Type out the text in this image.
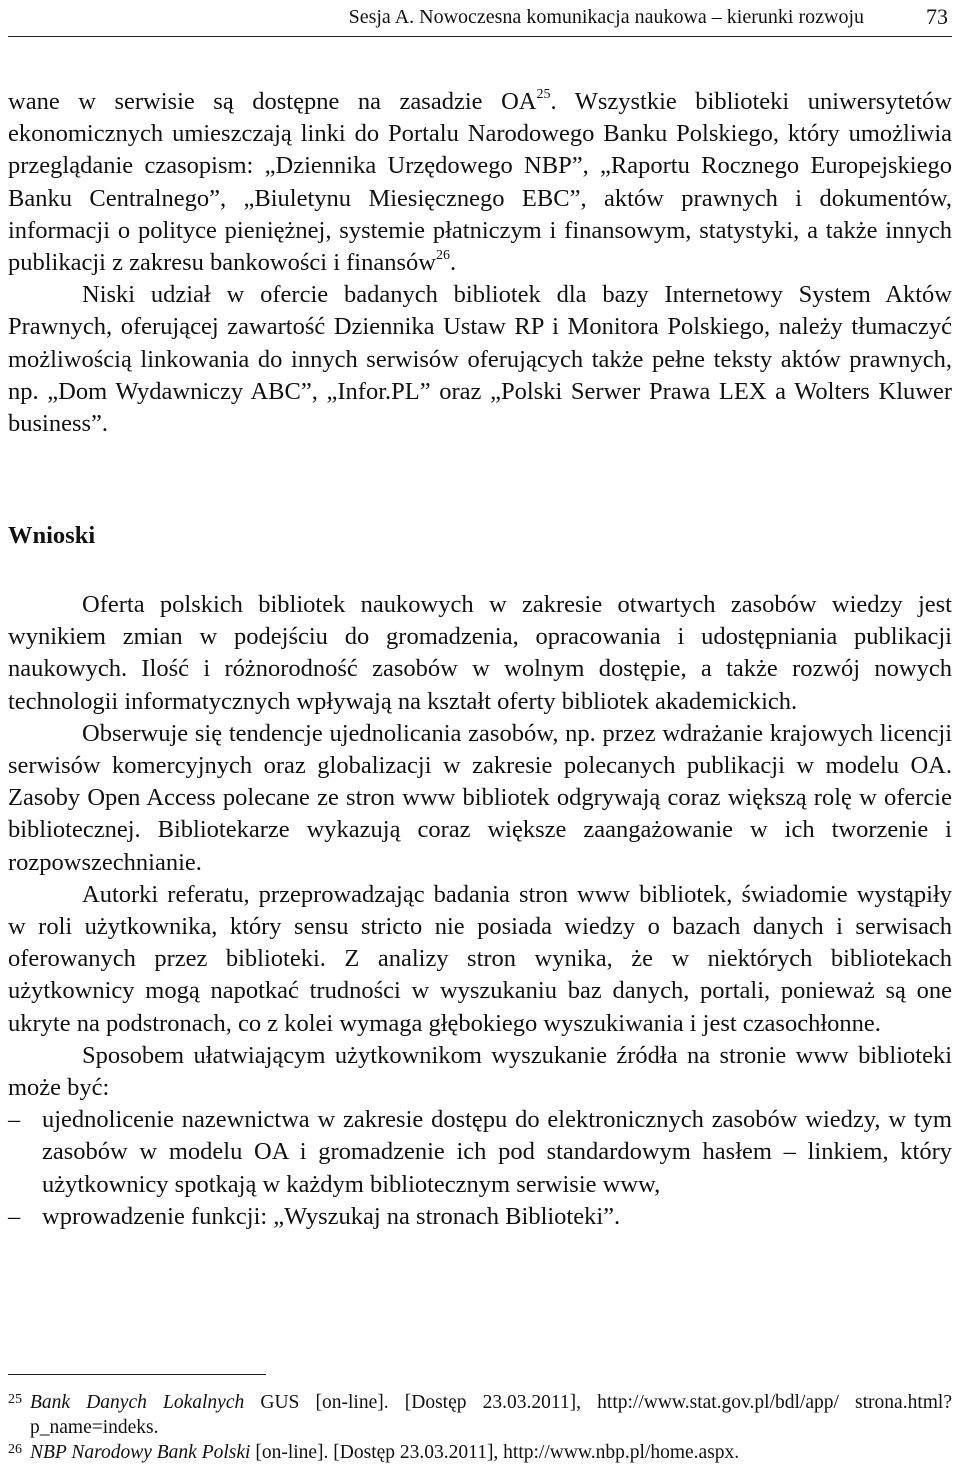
Sesja A. Nowoczesna komunikacja naukowa – kierunki rozwoju	73

wane w serwisie są dostępne na zasadzie OA$^{25}$. Wszystkie biblioteki uniwersytetów ekonomicznych umieszczają linki do Portalu Narodowego Banku Polskiego, który umożliwia przeglądanie czasopism: „Dziennika Urzędowego NBP”, „Raportu Rocznego Europejskiego Banku Centralnego”, „Biuletynu Miesięcznego EBC”, aktów prawnych i dokumentów, informacji o polityce pieniężnej, systemie płatniczym i finansowym, statystyki, a także innych publikacji z zakresu bankowości i finansów$^{26}$.

Niski udział w ofercie badanych bibliotek dla bazy Internetowy System Aktów Prawnych, oferującej zawartość Dziennika Ustaw RP i Monitora Polskiego, należy tłumaczyć możliwością linkowania do innych serwisów oferujących także pełne teksty aktów prawnych, np. „Dom Wydawniczy ABC”, „Infor.PL” oraz „Polski Serwer Prawa LEX a Wolters Kluwer business”.

Wnioski

Oferta polskich bibliotek naukowych w zakresie otwartych zasobów wiedzy jest wynikiem zmian w podejściu do gromadzenia, opracowania i udostępniania publikacji naukowych. Ilość i różnorodność zasobów w wolnym dostępie, a także rozwój nowych technologii informatycznych wpływają na kształt oferty bibliotek akademickich.

Obserwuje się tendencje ujednolicania zasobów, np. przez wdrażanie krajowych licencji serwisów komercyjnych oraz globalizacji w zakresie polecanych publikacji w modelu OA. Zasoby Open Access polecane ze stron www bibliotek odgrywają coraz większą rolę w ofercie bibliotecznej. Bibliotekarze wykazują coraz większe zaangażowanie w ich tworzenie i rozpowszechnianie.

Autorki referatu, przeprowadzając badania stron www bibliotek, świadomie wystąpiły w roli użytkownika, który sensu stricto nie posiada wiedzy o bazach danych i serwisach oferowanych przez biblioteki. Z analizy stron wynika, że w niektórych bibliotekach użytkownicy mogą napotkać trudności w wyszukaniu baz danych, portali, ponieważ są one ukryte na podstronach, co z kolei wymaga głębokiego wyszukiwania i jest czasochłonne.

Sposobem ułatwiającym użytkownikom wyszukanie źródła na stronie www biblioteki może być:

– ujednolicenie nazewnictwa w zakresie dostępu do elektronicznych zasobów wiedzy, w tym zasobów w modelu OA i gromadzenie ich pod standardowym hasłem – linkiem, który użytkownicy spotkają w każdym bibliotecznym serwisie www,
– wprowadzenie funkcji: „Wyszukaj na stronach Biblioteki”.
25 Bank Danych Lokalnych GUS [on-line]. [Dostęp 23.03.2011], http://www.stat.gov.pl/bdl/app/ strona.html?p_name=indeks.
26 NBP Narodowy Bank Polski [on-line]. [Dostęp 23.03.2011], http://www.nbp.pl/home.aspx.
